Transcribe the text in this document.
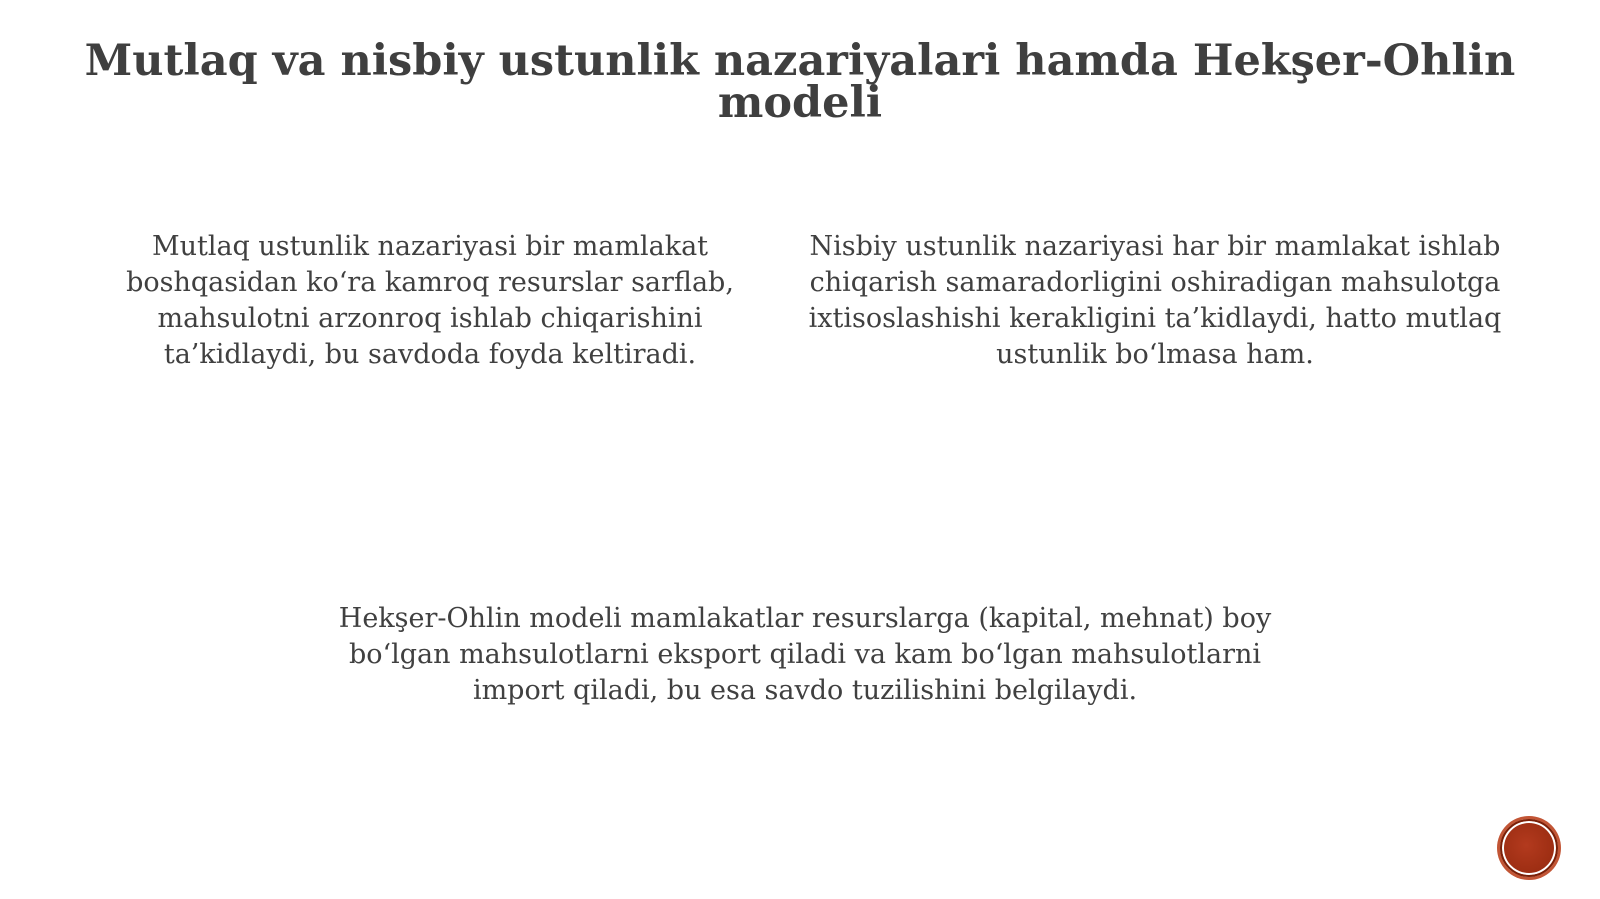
Mutlaq va nisbiy ustunlik nazariyalari hamda Hekşer-Ohlin modeli

Mutlaq ustunlik nazariyasi bir mamlakat boshqasidan ko‘ra kamroq resurslar sarflab, mahsulotni arzonroq ishlab chiqarishini ta’kidlaydi, bu savdoda foyda keltiradi.

Nisbiy ustunlik nazariyasi har bir mamlakat ishlab chiqarish samaradorligini oshiradigan mahsulotga ixtisoslashishi kerakligini ta’kidlaydi, hatto mutlaq ustunlik bo‘lmasa ham.

Hekşer-Ohlin modeli mamlakatlar resurslarga (kapital, mehnat) boy bo‘lgan mahsulotlarni eksport qiladi va kam bo‘lgan mahsulotlarni import qiladi, bu esa savdo tuzilishini belgilaydi.
